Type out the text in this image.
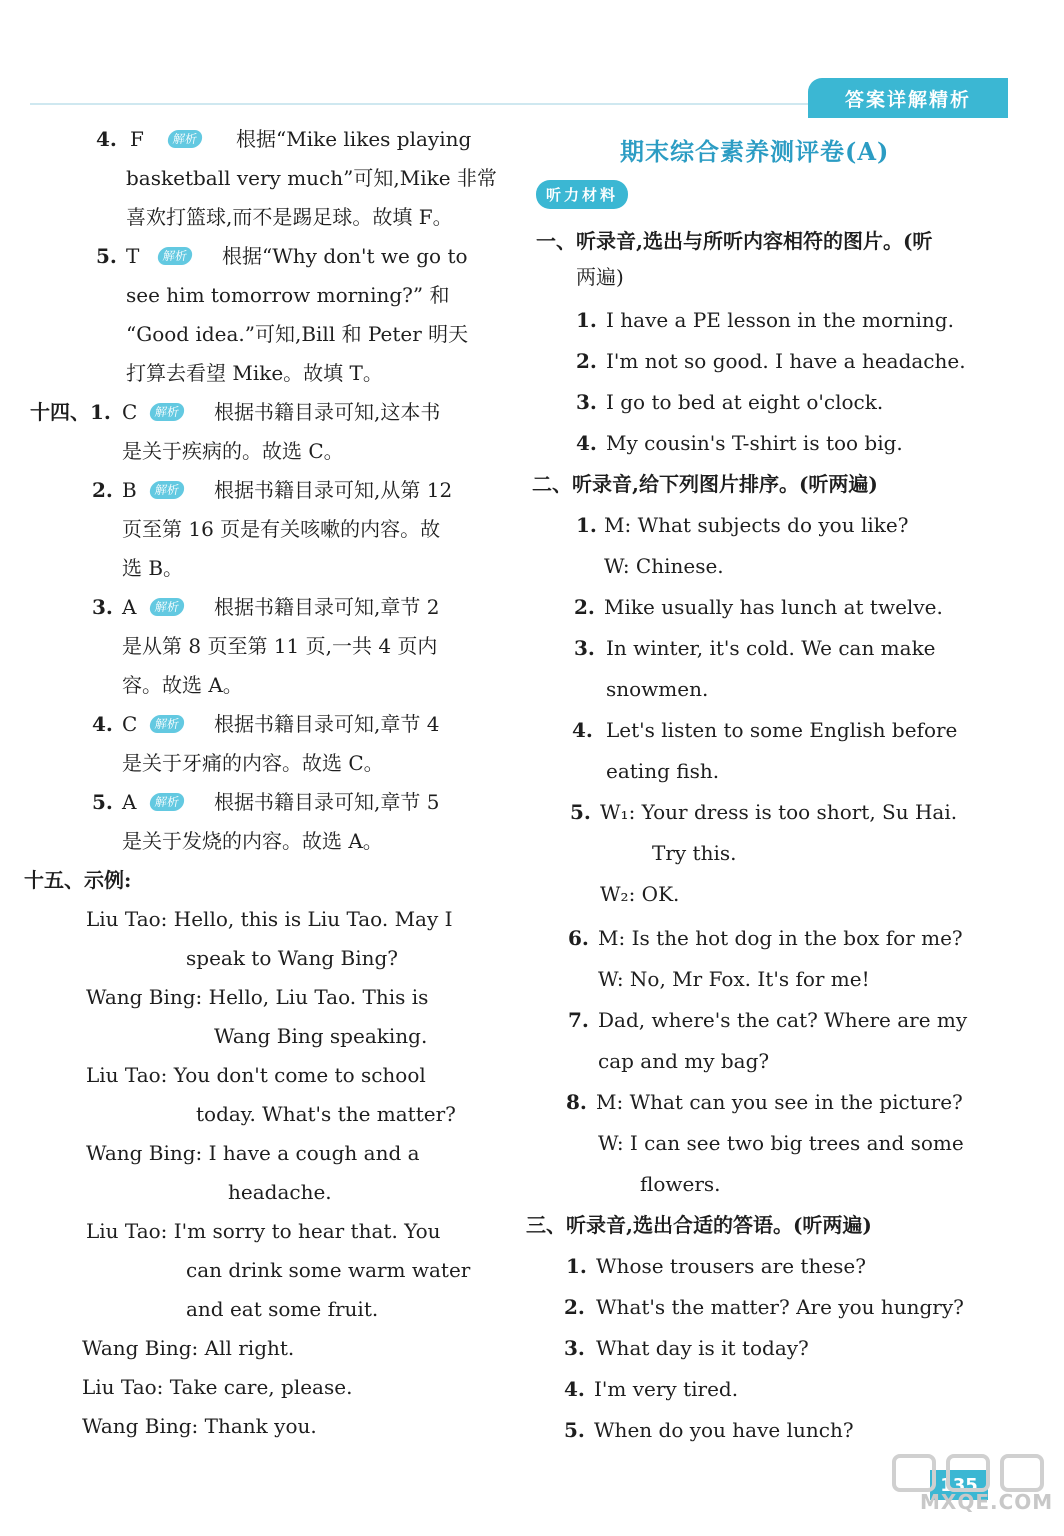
答案详解精析
4. F	根据“Mike likes playing
basketball very much”可知,Mike 非常
喜欢打篮球,而不是踢足球。故填 F。
5. T	根据“Why don't we go to
see him tomorrow morning?” 和
“Good idea.”可知,Bill 和 Peter 明天
打算去看望 Mike。故填 T。
十四、1. C	根据书籍目录可知,这本书
是关于疾病的。故选 C。
2. B	根据书籍目录可知,从第 12
页至第 16 页是有关咳嗽的内容。故
选 B。
3. A	根据书籍目录可知,章节 2
是从第 8 页至第 11 页,一共 4 页内
容。故选 A。
4. C	根据书籍目录可知,章节 4
是关于牙痛的内容。故选 C。
5. A	根据书籍目录可知,章节 5
是关于发烧的内容。故选 A。
十五、示例:
Liu Tao: Hello, this is Liu Tao. May I
speak to Wang Bing?
Wang Bing: Hello, Liu Tao. This is
Wang Bing speaking.
Liu Tao: You don't come to school
today. What's the matter?
Wang Bing: I have a cough and a
headache.
Liu Tao: I'm sorry to hear that. You
can drink some warm water
and eat some fruit.
Wang Bing: All right.
Liu Tao: Take care, please.
Wang Bing: Thank you.
解析
解析
解析
解析
解析
解析
解析
期末综合素养测评卷(A)
听力材料
一、听录音,选出与所听内容相符的图片。(听
两遍)
1. I have a PE lesson in the morning.
2. I'm not so good. I have a headache.
3. I go to bed at eight o'clock.
4. My cousin's T-shirt is too big.
二、听录音,给下列图片排序。(听两遍)
1. M: What subjects do you like?
W: Chinese.
2. Mike usually has lunch at twelve.
3. In winter, it's cold. We can make
snowmen.
4. Let's listen to some English before
eating fish.
5. W₁: Your dress is too short, Su Hai.
Try this.
W₂: OK.
6. M: Is the hot dog in the box for me?
W: No, Mr Fox. It's for me!
7. Dad, where's the cat? Where are my
cap and my bag?
8. M: What can you see in the picture?
W: I can see two big trees and some
flowers.
三、听录音,选出合适的答语。(听两遍)
1. Whose trousers are these?
2. What's the matter? Are you hungry?
3. What day is it today?
4. I'm very tired.
5. When do you have lunch?
135
MXQE.COM
